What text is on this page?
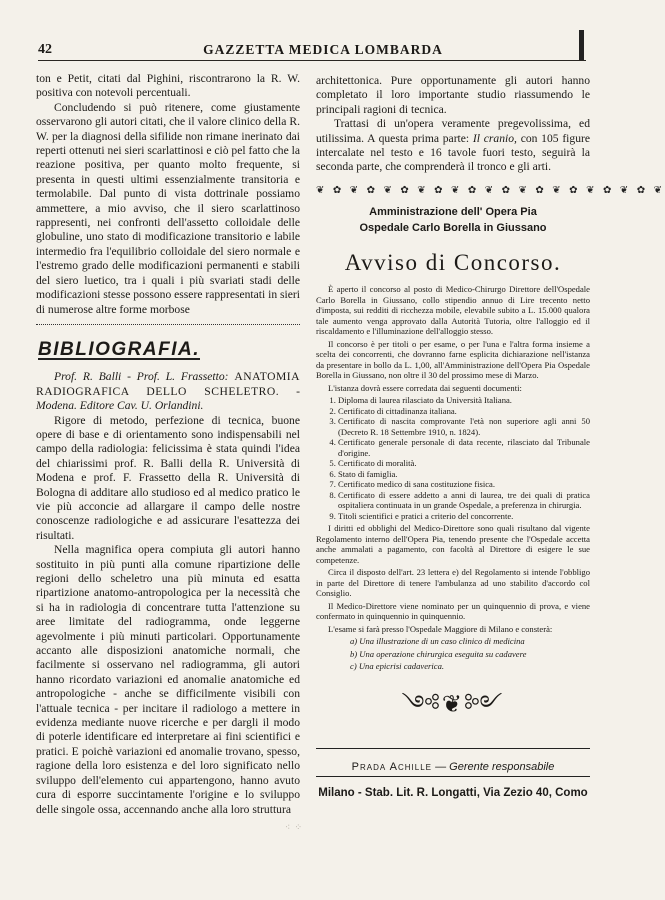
42	GAZZETTA MEDICA LOMBARDA

ton e Petit, citati dal Pighini, riscontrarono la R. W. positiva con notevoli percentuali.

Concludendo si può ritenere, come giustamente osservarono gli autori citati, che il valore clinico della R. W. per la diagnosi della sifilide non rimane inerinato dai reperti ottenuti nei sieri scarlattinosi e ciò pel fatto che la reazione positiva, per quanto molto frequente, si presenta in questi ultimi essenzialmente transitoria e termolabile. Dal punto di vista dottrinale possiamo ammettere, a mio avviso, che il siero scarlattinoso rappresenti, nei confronti dell'assetto colloidale delle globuline, uno stato di modificazione transitorio e labile intermedio fra l'equilibrio colloidale del siero normale e l'estremo grado delle modificazioni permanenti e stabili del siero luetico, tra i quali i più svariati stadi delle modificazioni stesse possono essere rappresentati in sieri di numerose altre forme morbose

BIBLIOGRAFIA.

Prof. R. Balli - Prof. L. Frassetto: ANATOMIA RADIOGRAFICA DELLO SCHELETRO. - Modena. Editore Cav. U. Orlandini.

Rigore di metodo, perfezione di tecnica, buone opere di base e di orientamento sono indispensabili nel campo della radiologia: felicissima è stata quindi l'idea del chiarissimi prof. R. Balli della R. Università di Modena e prof. F. Frassetto della R. Università di Bologna di additare allo studioso ed al medico pratico le vie più acconcie ad allargare il campo delle nostre conoscenze radiologiche e ad assicurare l'esattezza dei risultati.

Nella magnifica opera compiuta gli autori hanno sostituito in più punti alla comune ripartizione delle regioni dello scheletro una più minuta ed esatta ripartizione anatomo-antropologica per la necessità che si ha in radiologia di concentrare tutta l'attenzione su aree limitate del radiogramma, onde leggerne agevolmente i più minuti particolari. Opportunamente accanto alle disposizioni anatomiche normali, che facilmente si osservano nel radiogramma, gli autori hanno ricordato variazioni ed anomalie anatomiche ed antropologiche - anche se difficilmente visibili con l'attuale tecnica - per incitare il radiologo a mettere in evidenza mediante nuove ricerche e per dargli il modo di poterle identificare ed interpretare ai fini scientifici e pratici. E poichè variazioni ed anomalie trovano, spesso, ragione della loro esistenza e del loro significato nello sviluppo dell'elemento cui appartengono, hanno avuto cura di esporre succintamente l'origine e lo sviluppo delle singole ossa, accennando anche alla loro struttura

architettonica. Pure opportunamente gli autori hanno completato il loro importante studio riassumendo le principali ragioni di tecnica.

Trattasi di un'opera veramente pregevolissima, ed utilissima. A questa prima parte: Il cranio, con 105 figure intercalate nel testo e 16 tavole fuori testo, seguirà la seconda parte, che comprenderà il tronco e gli arti.

❦ ✿ ❦ ✿ ❦ ✿ ❦ ✿ ❦ ✿ ❦ ✿ ❦ ✿ ❦ ✿ ❦ ✿ ❦ ✿ ❦
Amministrazione dell' Opera Pia
Ospedale Carlo Borella in Giussano
Avviso di Concorso.

È aperto il concorso al posto di Medico-Chirurgo Direttore dell'Ospedale Carlo Borella in Giussano, collo stipendio annuo di Lire trecento netto d'imposta, sui redditi di ricchezza mobile, elevabile subito a L. 15.000 qualora tale aumento venga approvato dalla Autorità Tutoria, oltre l'alloggio ed il riscaldamento e l'illuminazione dell'alloggio stesso.

Il concorso è per titoli o per esame, o per l'una e l'altra forma insieme a scelta dei concorrenti, che dovranno farne esplicita dichiarazione nell'istanza da presentare in bollo da L. 1,00, all'Amministrazione dell'Opera Pia Ospedale Borella in Giussano, non oltre il 30 del prossimo mese di Marzo.

L'istanza dovrà essere corredata dai seguenti documenti:

1. Diploma di laurea rilasciato da Università Italiana.
2. Certificato di cittadinanza italiana.
3. Certificato di nascita comprovante l'età non superiore agli anni 50 (Decreto R. 18 Settembre 1910, n. 1824).
4. Certificato generale personale di data recente, rilasciato dal Tribunale d'origine.
5. Certificato di moralità.
6. Stato di famiglia.
7. Certificato medico di sana costituzione fisica.
8. Certificato di essere addetto a anni di laurea, tre dei quali di pratica ospitaliera continuata in un grande Ospedale, a preferenza in chirurgia.
9. Titoli scientifici e pratici a criterio del concorrente.

I diritti ed obblighi del Medico-Direttore sono quali risultano dal vigente Regolamento interno dell'Opera Pia, tenendo presente che l'Ospedale accetta anche ammalati a pagamento, con facoltà al Direttore di esigere le sue competenze.

Circa il disposto dell'art. 23 lettera e) del Regolamento si intende l'obbligo in parte del Direttore di tenere l'ambulanza ad uno stabilito d'accordo col Consiglio.

Il Medico-Direttore viene nominato per un quinquennio di prova, e viene confermato in quinquennio in quinquennio.

L'esame si farà presso l'Ospedale Maggiore di Milano e consterà:

a) Una illustrazione di un caso clinico di medicina
b) Una operazione chirurgica eseguita su cadavere
c) Una epicrisi cadaverica.
༺❦༻
Prada Achille — Gerente responsabile
Milano - Stab. Lit. R. Longatti, Via Zezio 40, Como
⁖ ⁘
